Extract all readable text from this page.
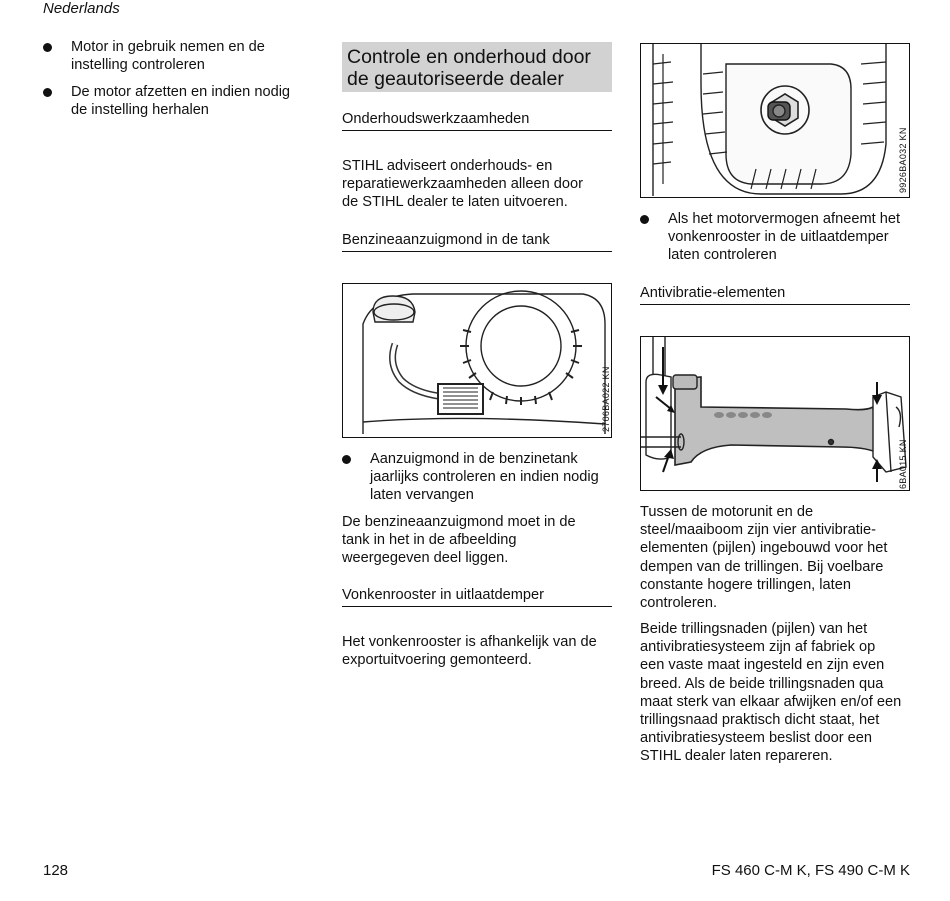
Nederlands
Motor in gebruik nemen en de
instelling controleren
De motor afzetten en indien nodig
de instelling herhalen
Controle en onderhoud door
de geautoriseerde dealer
Onderhoudswerkzaamheden
STIHL adviseert onderhouds- en
reparatiewerkzaamheden alleen door
de STIHL dealer te laten uitvoeren.
Benzineaanzuigmond in de tank
2706BA022 KN
Aanzuigmond in de benzinetank
jaarlijks controleren en indien nodig
laten vervangen
De benzineaanzuigmond moet in de
tank in het in de afbeelding
weergegeven deel liggen.
Vonkenrooster in uitlaatdemper
Het vonkenrooster is afhankelijk van de
exportuitvoering gemonteerd.
9926BA032 KN
Als het motorvermogen afneemt het
vonkenrooster in de uitlaatdemper
laten controleren
Antivibratie-elementen
6BA015 KN
Tussen de motorunit en de
steel/maaiboom zijn vier antivibratie-
elementen (pijlen) ingebouwd voor het
dempen van de trillingen. Bij voelbare
constante hogere trillingen, laten
controleren.
Beide trillingsnaden (pijlen) van het
antivibratiesysteem zijn af fabriek op
een vaste maat ingesteld en zijn even
breed. Als de beide trillingsnaden qua
maat sterk van elkaar afwijken en/of een
trillingsnaad praktisch dicht staat, het
antivibratiesysteem beslist door een
STIHL dealer laten repareren.
128	FS 460 C-M K, FS 490 C-M K
